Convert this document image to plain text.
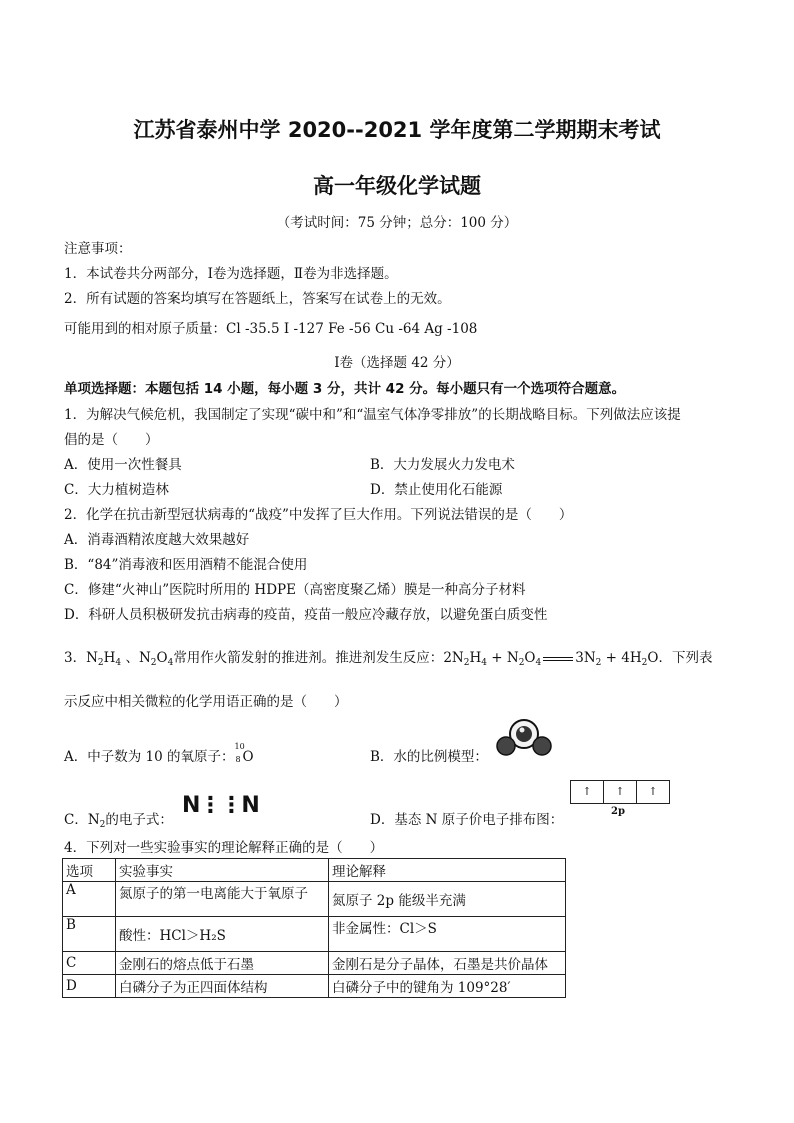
江苏省泰州中学 2020--2021 学年度第二学期期末考试
高一年级化学试题
（考试时间：75 分钟；总分：100 分）
注意事项：
1．本试卷共分两部分，Ⅰ卷为选择题，Ⅱ卷为非选择题。
2．所有试题的答案均填写在答题纸上，答案写在试卷上的无效。
可能用到的相对原子质量：Cl -35.5 I -127 Fe -56 Cu -64 Ag -108
Ⅰ卷（选择题 42 分）
单项选择题：本题包括 14 小题，每小题 3 分，共计 42 分。每小题只有一个选项符合题意。
1．为解决气候危机，我国制定了实现“碳中和”和“温室气体净零排放”的长期战略目标。下列做法应该提
倡的是（　　）
A．使用一次性餐具	B．大力发展火力发电术
C．大力植树造林	D．禁止使用化石能源
2．化学在抗击新型冠状病毒的“战疫”中发挥了巨大作用。下列说法错误的是（　　）
A．消毒酒精浓度越大效果越好
B．“84”消毒液和医用酒精不能混合使用
C．修建“火神山”医院时所用的 HDPE（高密度聚乙烯）膜是一种高分子材料
D．科研人员积极研发抗击病毒的疫苗，疫苗一般应冷藏存放，以避免蛋白质变性
3．$N_2H_4$ 、$N_2O_4$常用作火箭发射的推进剂。推进剂发生反应：$2N_2H_4 + N_2O_4$	$3N_2 + 4H_2O$．下列表
示反应中相关微粒的化学用语正确的是（　　）
A．中子数为 10 的氧原子：
10
8 O	B．水的比例模型：
C．$N_2$的电子式：
N⋮⋮N
D．基态 N 原子价电子排布图：
↑	↑	↑
2p
4．下列对一些实验事实的理论解释正确的是（　　）
选项	实验事实	理论解释
A	氮原子的第一电离能大于氧原子	氮原子 2p 能级半充满
B	酸性：HCl＞H₂S	非金属性：Cl＞S
C	金刚石的熔点低于石墨	金刚石是分子晶体，石墨是共价晶体
D	白磷分子为正四面体结构	白磷分子中的键角为 109°28′
